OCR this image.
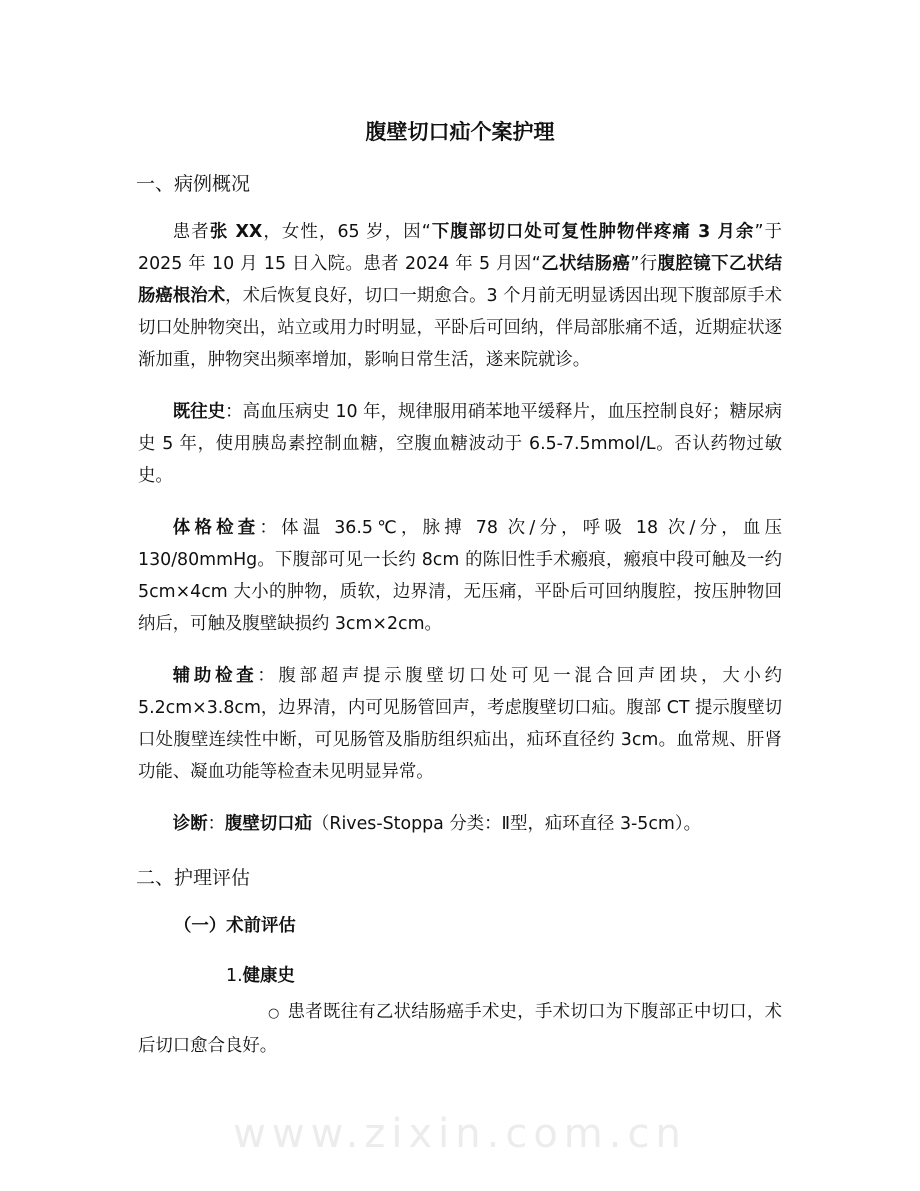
www.zixin.com.cn
腹壁切口疝个案护理
一、病例概况

患者张 XX，女性，65 岁，因“下腹部切口处可复性肿物伴疼痛 3 月余”于 2025 年 10 月 15 日入院。患者 2024 年 5 月因“乙状结肠癌”行腹腔镜下乙状结肠癌根治术，术后恢复良好，切口一期愈合。3 个月前无明显诱因出现下腹部原手术切口处肿物突出，站立或用力时明显，平卧后可回纳，伴局部胀痛不适，近期症状逐渐加重，肿物突出频率增加，影响日常生活，遂来院就诊。

既往史：高血压病史 10 年，规律服用硝苯地平缓释片，血压控制良好；糖尿病史 5 年，使用胰岛素控制血糖，空腹血糖波动于 6.5-7.5mmol/L。否认药物过敏史。

体格检查：体温 36.5℃，脉搏 78 次/分，呼吸 18 次/分，血压 130/80mmHg。下腹部可见一长约 8cm 的陈旧性手术瘢痕，瘢痕中段可触及一约 5cm×4cm 大小的肿物，质软，边界清，无压痛，平卧后可回纳腹腔，按压肿物回纳后，可触及腹壁缺损约 3cm×2cm。

辅助检查：腹部超声提示腹壁切口处可见一混合回声团块，大小约 5.2cm×3.8cm，边界清，内可见肠管回声，考虑腹壁切口疝。腹部 CT 提示腹壁切口处腹壁连续性中断，可见肠管及脂肪组织疝出，疝环直径约 3cm。血常规、肝肾功能、凝血功能等检查未见明显异常。

诊断：腹壁切口疝（Rives-Stoppa 分类：Ⅱ型，疝环直径 3-5cm）。

二、护理评估
（一）术前评估
1.健康史

○ 患者既往有乙状结肠癌手术史，手术切口为下腹部正中切口，术后切口愈合良好。
